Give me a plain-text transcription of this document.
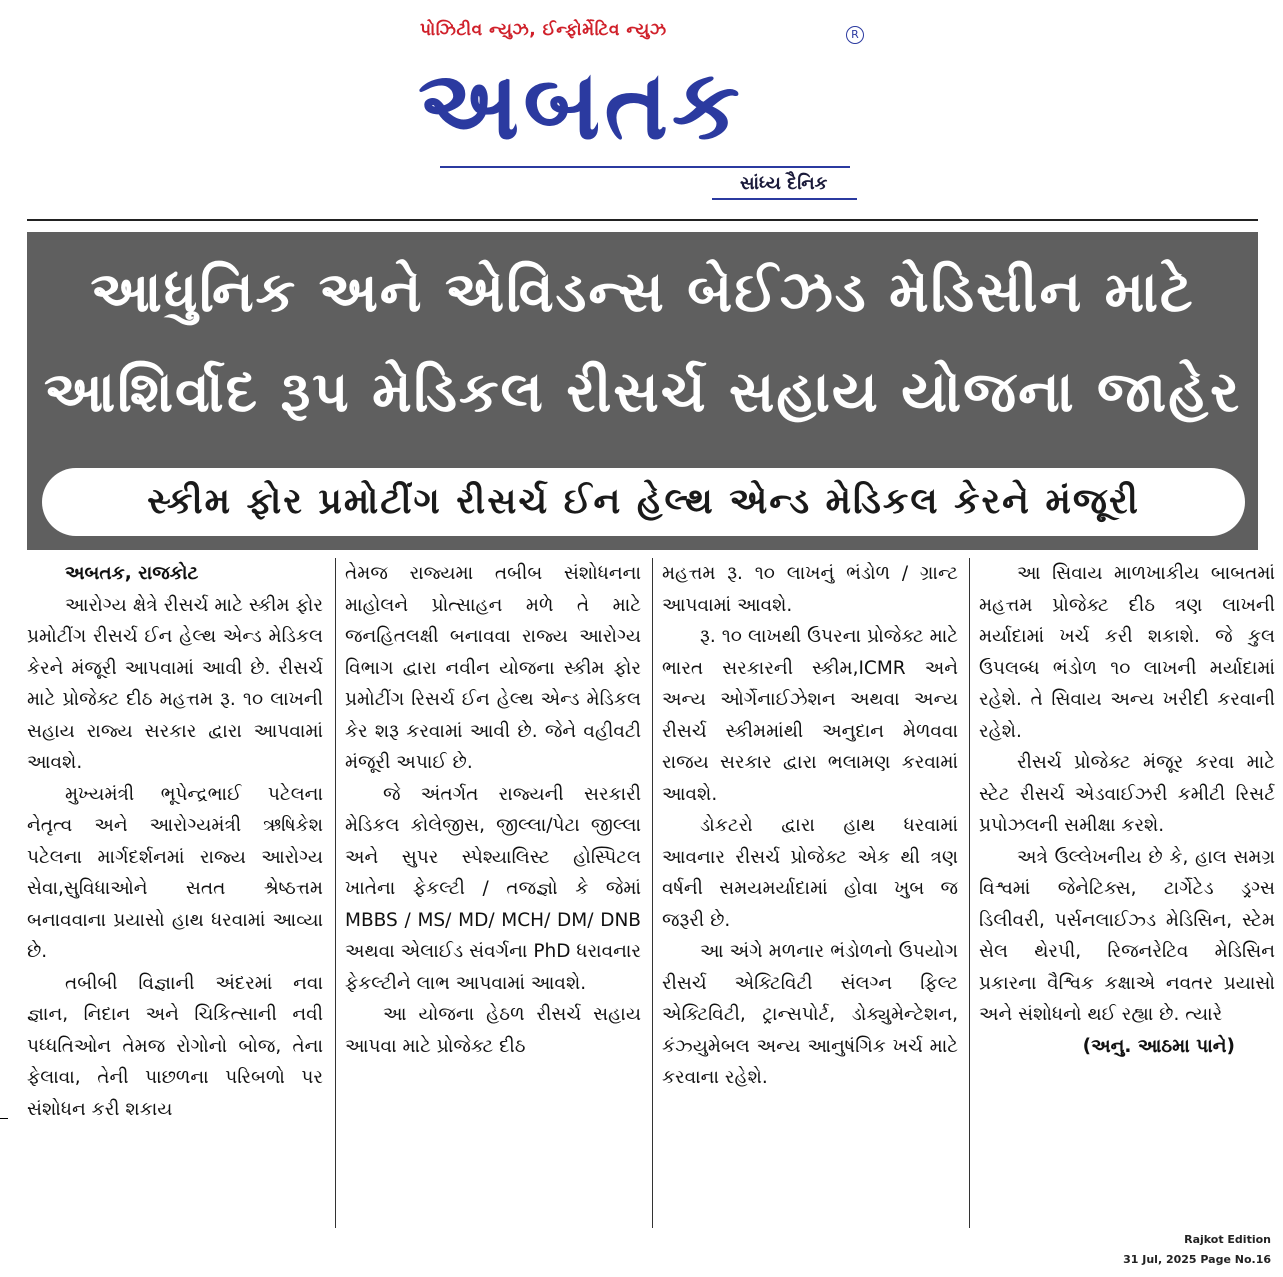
પોઝિટીવ ન્યુઝ, ઈન્ફોર્મેટિવ ન્યુઝ
અબતક
R
સાંધ્ય દૈનિક
આધુનિક અને એવિડન્સ બેઈઝડ મેડિસીન માટે
આશિર્વાદ રૂપ મેડિકલ રીસર્ચ સહાય યોજના જાહેર
સ્કીમ ફોર પ્રમોટીંગ રીસર્ચ ઈન હેલ્થ એન્ડ મેડિકલ કેરને મંજૂરી

અબતક, રાજકોટ

આરોગ્ય ક્ષેત્રે રીસર્ચ માટે સ્કીમ ફોર પ્રમોટીંગ રીસર્ચ ઈન હેલ્થ એન્ડ મેડિકલ કેરને મંજૂરી આપવામાં આવી છે. રીસર્ચ માટે પ્રોજેક્ટ દીઠ મહત્તમ રૂ. ૧૦ લાખની સહાય રાજ્ય સરકાર દ્વારા આપવામાં આવશે.

મુખ્યમંત્રી ભૂપેન્દ્રભાઈ પટેલના નેતૃત્વ અને આરોગ્યમંત્રી ઋષિકેશ પટેલના માર્ગદર્શનમાં રાજ્ય આરોગ્ય સેવા,સુવિધાઓને સતત શ્રેષ્ઠત્તમ બનાવવાના પ્રયાસો હાથ ધરવામાં આવ્યા છે.

તબીબી વિજ્ઞાની અંદરમાં નવા જ્ઞાન, નિદાન અને ચિકિત્સાની નવી પધ્ધતિઓન તેમજ રોગોનો બોજ, તેના ફેલાવા, તેની પાછળના પરિબળો પર સંશોધન કરી શકાય

તેમજ રાજ્યમા તબીબ સંશોધનના માહોલને પ્રોત્સાહન મળે તે માટે જનહિતલક્ષી બનાવવા રાજ્ય આરોગ્ય વિભાગ દ્વારા નવીન યોજના સ્કીમ ફોર પ્રમોટીંગ રિસર્ચ ઈન હેલ્થ એન્ડ મેડિકલ કેર શરૂ કરવામાં આવી છે. જેને વહીવટી મંજૂરી અપાઈ છે.

જે અંતર્ગત રાજ્યની સરકારી મેડિકલ કોલેજીસ, જીલ્લા/પેટા જીલ્લા અને સુપર સ્પેશ્યાલિસ્ટ હોસ્પિટલ ખાતેના ફેકલ્ટી / તજજ્ઞો કે જેમાં MBBS / MS/ MD/ MCH/ DM/ DNB અથવા એલાઈડ સંવર્ગના PhD ધરાવનાર ફેકલ્ટીને લાભ આપવામાં આવશે.

આ યોજના હેઠળ રીસર્ચ સહાય આપવા માટે પ્રોજેક્ટ દીઠ

મહત્તમ રૂ. ૧૦ લાખનું ભંડોળ / ગ્રાન્ટ આપવામાં આવશે.

રૂ. ૧૦ લાખથી ઉપરના પ્રોજેક્ટ માટે ભારત સરકારની સ્કીમ,ICMR અને અન્ય ઓર્ગેનાઈઝેશન અથવા અન્ય રીસર્ચ સ્કીમમાંથી અનુદાન મેળવવા રાજય સરકાર દ્વારા ભલામણ કરવામાં આવશે.

ડોકટરો દ્વારા હાથ ધરવામાં આવનાર રીસર્ચ પ્રોજેક્ટ એક થી ત્રણ વર્ષની સમયમર્યાદામાં હોવા ખુબ જ જરૂરી છે.

આ અંગે મળનાર ભંડોળનો ઉપયોગ રીસર્ચ એક્ટિવિટી સંલગ્ન ફિલ્ટ એક્ટિવિટી, ટ્રાન્સપોર્ટ, ડોક્યુમેન્ટેશન, કંઝ્યુમેબલ અન્ય આનુષંગિક ખર્ચ માટે કરવાના રહેશે.

આ સિવાય માળખાકીય બાબતમાં મહત્તમ પ્રોજેક્ટ દીઠ ત્રણ લાખની મર્યાદામાં ખર્ચ કરી શકાશે. જે કુલ ઉપલબ્ધ ભંડોળ ૧૦ લાખની મર્યાદામાં રહેશે. તે સિવાય અન્ય ખરીદી કરવાની રહેશે.

રીસર્ચ પ્રોજેક્ટ મંજૂર કરવા માટે સ્ટેટ રીસર્ચ એડવાઈઝરી કમીટી રિસર્ટ પ્રપોઝલની સમીક્ષા કરશે.

અત્રે ઉલ્લેખનીય છે કે, હાલ સમગ્ર વિશ્વમાં જેનેટિક્સ, ટાર્ગેટેડ ડ્રગ્સ ડિલીવરી, પર્સનલાઈઝ્ડ મેડિસિન, સ્ટેમ સેલ થેરપી, રિજનરેટિવ મેડિસિન પ્રકારના વૈશ્વિક કક્ષાએ નવતર પ્રયાસો અને સંશોધનો થઈ રહ્યા છે. ત્યારે

(અનુ. આઠમા પાને)

Rajkot Edition
31 Jul, 2025 Page No.16
